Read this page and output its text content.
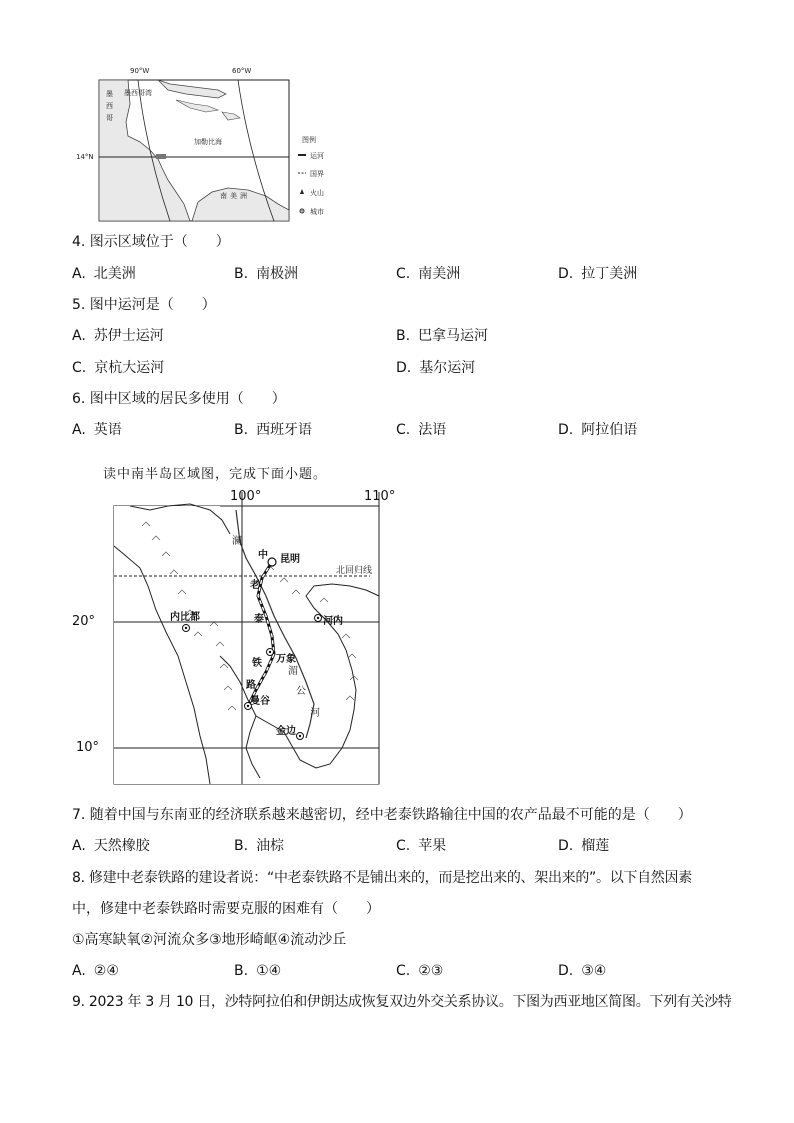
90°W	60°W
14°N
墨西哥
墨西哥湾
加勒比海
南美洲
图例
运河
国界
火山
城市
4. 图示区域位于（　　）
A. 北美洲	B. 南极洲	C. 南美洲	D. 拉丁美洲
5. 图中运河是（　　）
A. 苏伊士运河	B. 巴拿马运河
C. 京杭大运河	D. 基尔运河
6. 图中区域的居民多使用（　　）
A. 英语	B. 西班牙语	C. 法语	D. 阿拉伯语
读中南半岛区域图，完成下面小题。
100°	110°
20°
10°
北回归线
昆明
河内
内比都
万象
曼谷
金边
中
老
泰
铁
路
澜
湄
公
河
7. 随着中国与东南亚的经济联系越来越密切，经中老泰铁路输往中国的农产品最不可能的是（　　）
A. 天然橡胶	B. 油棕	C. 苹果	D. 榴莲
8. 修建中老泰铁路的建设者说：“中老泰铁路不是铺出来的，而是挖出来的、架出来的”。以下自然因素
中，修建中老泰铁路时需要克服的困难有（　　）
①高寒缺氧②河流众多③地形崎岖④流动沙丘
A. ②④	B. ①④	C. ②③	D. ③④
9. 2023 年 3 月 10 日，沙特阿拉伯和伊朗达成恢复双边外交关系协议。下图为西亚地区简图。下列有关沙特
